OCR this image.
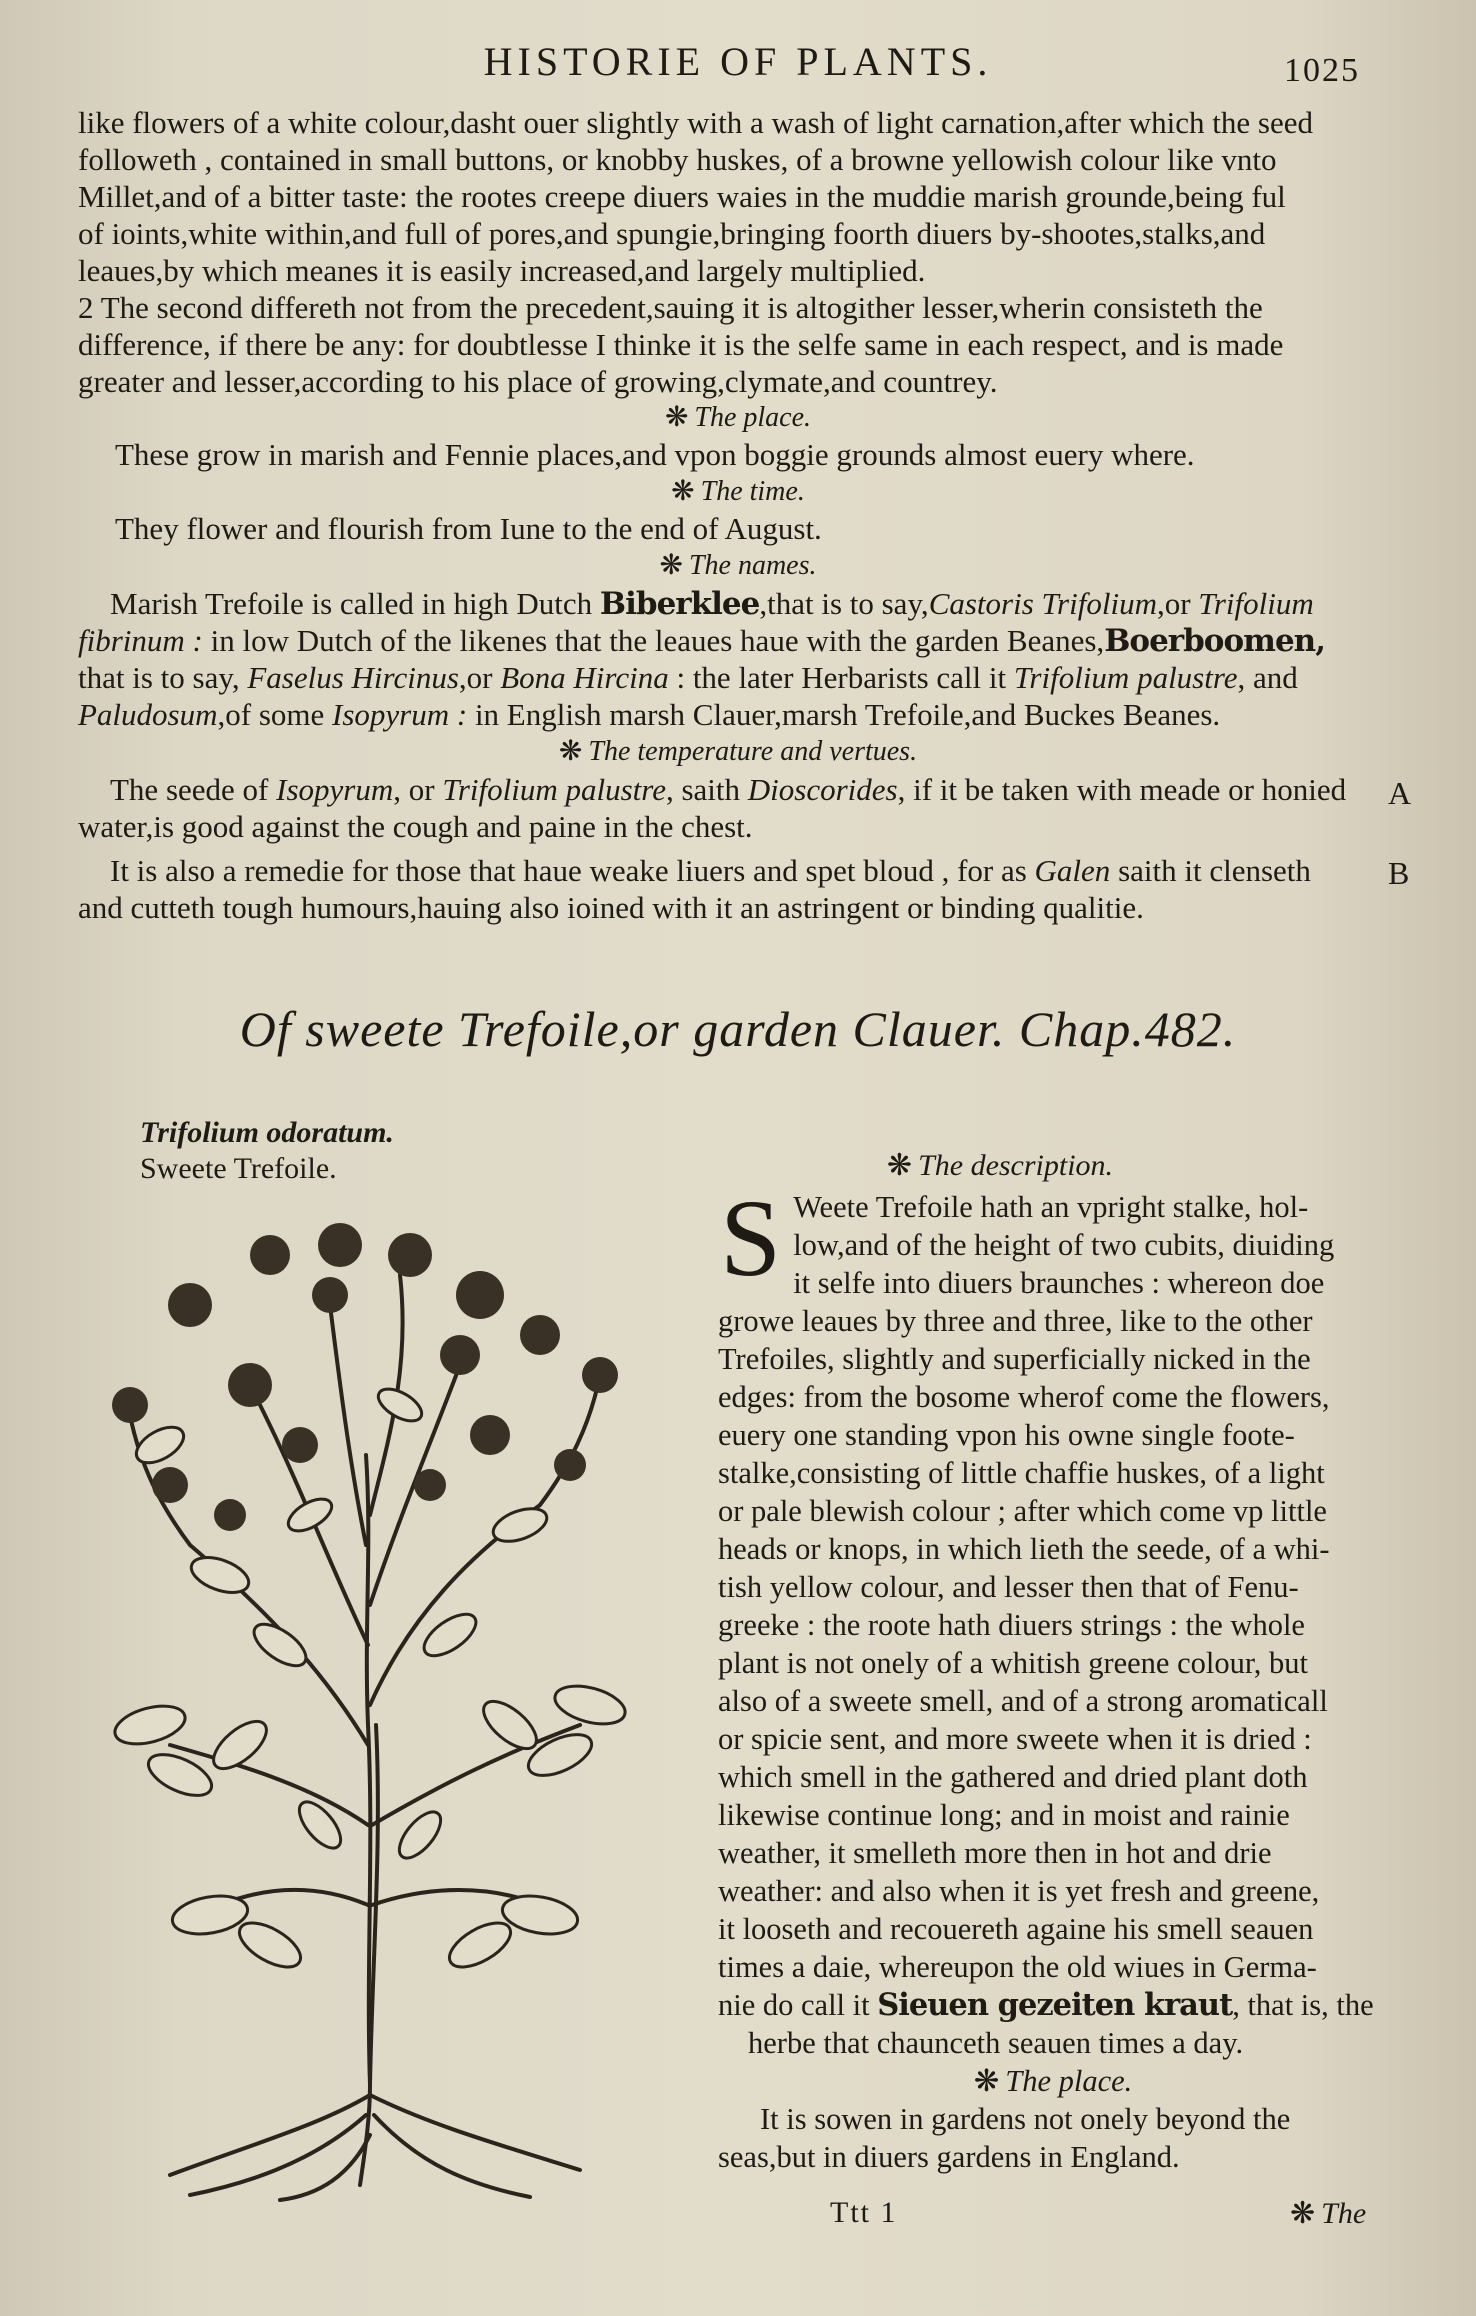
HISTORIE OF PLANTS.	1025
like flowers of a white colour,dasht ouer slightly with a wash of light carnation,after which the seed
followeth , contained in small buttons, or knobby huskes, of a browne yellowish colour like vnto
Millet,and of a bitter taste: the rootes creepe diuers waies in the muddie marish grounde,being ful
of ioints,white within,and full of pores,and spungie,bringing foorth diuers by-shootes,stalks,and
leaues,by which meanes it is easily increased,and largely multiplied.
2 The second differeth not from the precedent,sauing it is altogither lesser,wherin consisteth the
difference, if there be any: for doubtlesse I thinke it is the selfe same in each respect, and is made
greater and lesser,according to his place of growing,clymate,and countrey.
❋ The place.
These grow in marish and Fennie places,and vpon boggie grounds almost euery where.
❋ The time.
They flower and flourish from Iune to the end of August.
❋ The names.
Marish Trefoile is called in high Dutch Biberklee,that is to say,Castoris Trifolium,or Trifolium
fibrinum : in low Dutch of the likenes that the leaues haue with the garden Beanes,Boerboomen,
that is to say, Faselus Hircinus,or Bona Hircina : the later Herbarists call it Trifolium palustre, and
Paludosum,of some Isopyrum : in English marsh Clauer,marsh Trefoile,and Buckes Beanes.
❋ The temperature and vertues.
The seede of Isopyrum, or Trifolium palustre, saith Dioscorides, if it be taken with meade or honied
water,is good against the cough and paine in the chest.
It is also a remedie for those that haue weake liuers and spet bloud , for as Galen saith it clenseth
and cutteth tough humours,hauing also ioined with it an astringent or binding qualitie.
A
B
Of sweete Trefoile,or garden Clauer. Chap.482.
Trifolium odoratum.
Sweete Trefoile.	❋ The description.
S Weete Trefoile hath an vpright stalke, hol-
low,and of the height of two cubits, diuiding
it selfe into diuers braunches : whereon doe
growe leaues by three and three, like to the other
Trefoiles, slightly and superficially nicked in the
edges: from the bosome wherof come the flowers,
euery one standing vpon his owne single foote-
stalke,consisting of little chaffie huskes, of a light
or pale blewish colour ; after which come vp little
heads or knops, in which lieth the seede, of a whi-
tish yellow colour, and lesser then that of Fenu-
greeke : the roote hath diuers strings : the whole
plant is not onely of a whitish greene colour, but
also of a sweete smell, and of a strong aromaticall
or spicie sent, and more sweete when it is dried :
which smell in the gathered and dried plant doth
likewise continue long; and in moist and rainie
weather, it smelleth more then in hot and drie
weather: and also when it is yet fresh and greene,
it looseth and recouereth againe his smell seauen
times a daie, whereupon the old wiues in Germa-
nie do call it Sieuen gezeiten kraut, that is, the
herbe that chaunceth seauen times a day.
❋ The place.
It is sowen in gardens not onely beyond the
seas,but in diuers gardens in England.
Ttt 1	❋ The
